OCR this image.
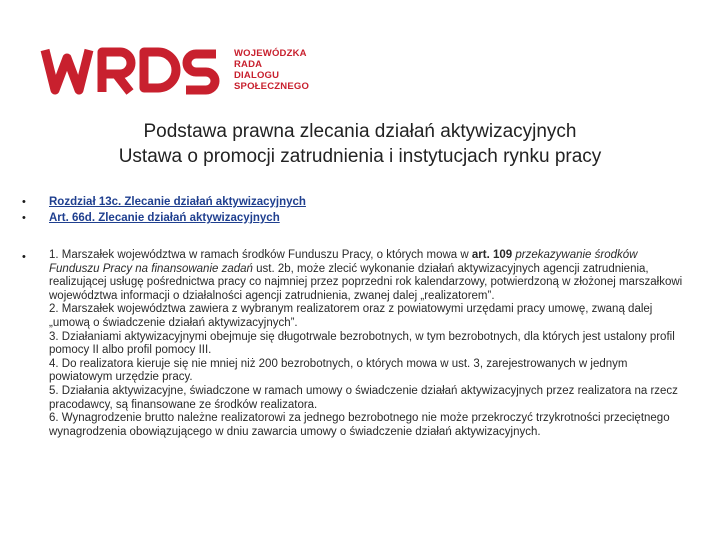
WOJEWÓDZKA
RADA
DIALOGU
SPOŁECZNEGO
Podstawa prawna zlecania działań aktywizacyjnych
Ustawa o promocji zatrudnienia i instytucjach rynku pracy
• Rozdział 13c. Zlecanie działań aktywizacyjnych
• Art. 66d. Zlecanie działań aktywizacyjnych
• 1. Marszałek województwa w ramach środków Funduszu Pracy, o których mowa w art. 109 przekazywanie środków Funduszu Pracy na finansowanie zadań ust. 2b, może zlecić wykonanie działań aktywizacyjnych agencji zatrudnienia, realizującej usługę pośrednictwa pracy co najmniej przez poprzedni rok kalendarzowy, potwierdzoną w złożonej marszałkowi województwa informacji o działalności agencji zatrudnienia, zwanej dalej „realizatorem”.
2. Marszałek województwa zawiera z wybranym realizatorem oraz z powiatowymi urzędami pracy umowę, zwaną dalej „umową o świadczenie działań aktywizacyjnych”.
3. Działaniami aktywizacyjnymi obejmuje się długotrwale bezrobotnych, w tym bezrobotnych, dla których jest ustalony profil pomocy II albo profil pomocy III.
4. Do realizatora kieruje się nie mniej niż 200 bezrobotnych, o których mowa w ust. 3, zarejestrowanych w jednym powiatowym urzędzie pracy.
5. Działania aktywizacyjne, świadczone w ramach umowy o świadczenie działań aktywizacyjnych przez realizatora na rzecz pracodawcy, są finansowane ze środków realizatora.
6. Wynagrodzenie brutto należne realizatorowi za jednego bezrobotnego nie może przekroczyć trzykrotności przeciętnego wynagrodzenia obowiązującego w dniu zawarcia umowy o świadczenie działań aktywizacyjnych.
